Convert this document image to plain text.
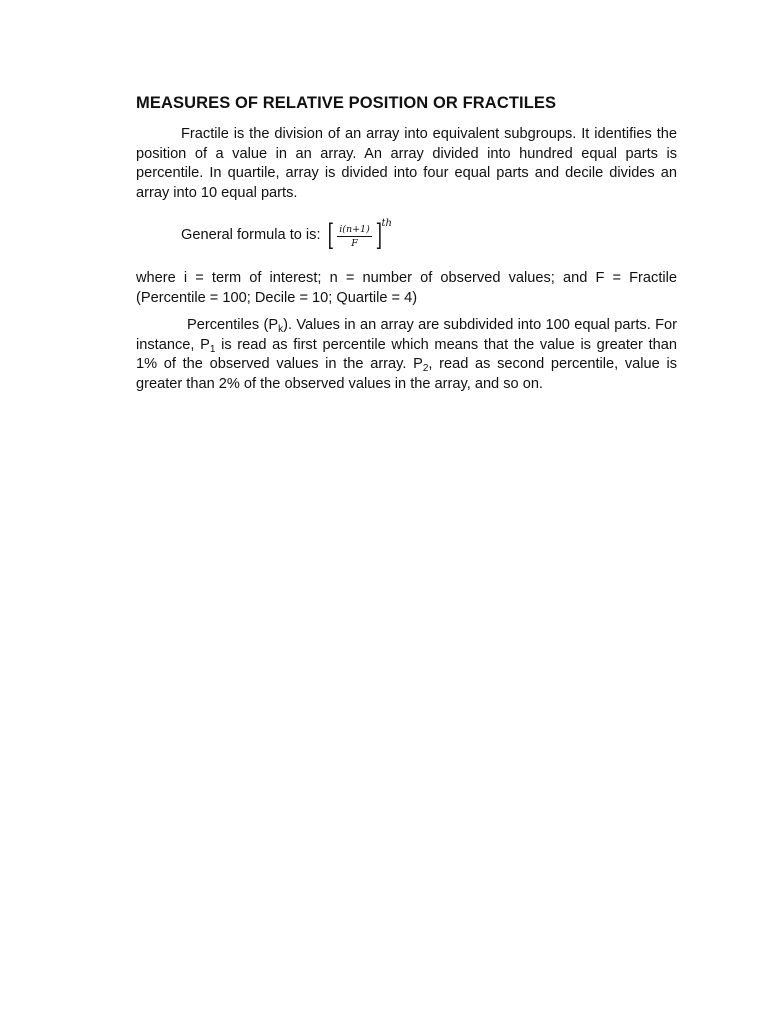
MEASURES OF RELATIVE POSITION OR FRACTILES

Fractile is the division of an array into equivalent subgroups. It identifies the position of a value in an array. An array divided into hundred equal parts is percentile. In quartile, array is divided into four equal parts and decile divides an array into 10 equal parts.

General formula to is: [ $\frac{i(n+1)}{F}$ ] th

where i = term of interest; n = number of observed values; and F = Fractile (Percentile = 100; Decile = 10; Quartile = 4)

Percentiles $(P_k)$. Values in an array are subdivided into 100 equal parts. For instance, $P_1$ is read as first percentile which means that the value is greater than 1% of the observed values in the array. $P_2$, read as second percentile, value is greater than 2% of the observed values in the array, and so on.
